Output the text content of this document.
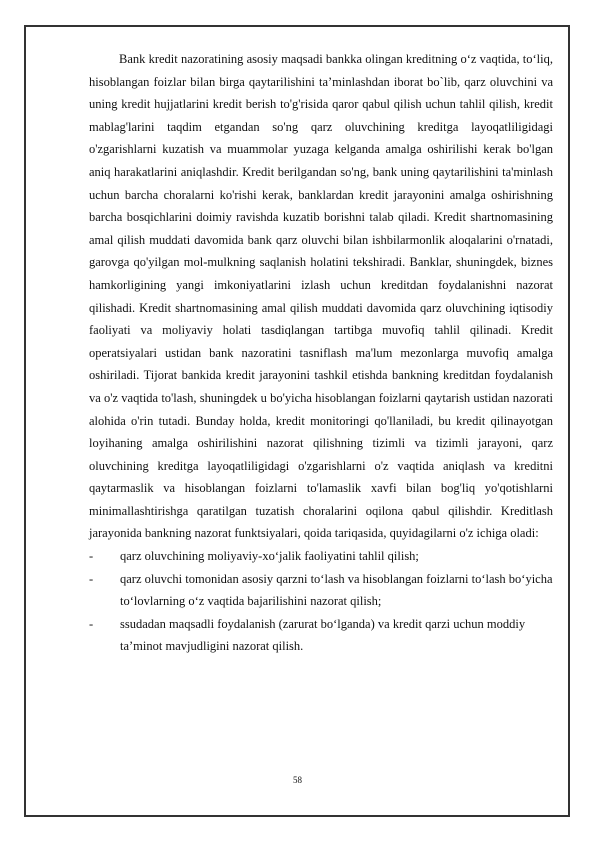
Bank kredit nazoratining asosiy maqsadi bankka olingan kreditning o‘z vaqtida, to‘liq, hisoblangan foizlar bilan birga qaytarilishini ta’minlashdan iborat bo`lib, qarz oluvchini va uning kredit hujjatlarini kredit berish to'g'risida qaror qabul qilish uchun tahlil qilish, kredit mablag'larini taqdim etgandan so'ng qarz oluvchining kreditga layoqatliligidagi o'zgarishlarni kuzatish va muammolar yuzaga kelganda amalga oshirilishi kerak bo'lgan aniq harakatlarini aniqlashdir. Kredit berilgandan so'ng, bank uning qaytarilishini ta'minlash uchun barcha choralarni ko'rishi kerak, banklardan kredit jarayonini amalga oshirishning barcha bosqichlarini doimiy ravishda kuzatib borishni talab qiladi. Kredit shartnomasining amal qilish muddati davomida bank qarz oluvchi bilan ishbilarmonlik aloqalarini o'rnatadi, garovga qo'yilgan mol-mulkning saqlanish holatini tekshiradi. Banklar, shuningdek, biznes hamkorligining yangi imkoniyatlarini izlash uchun kreditdan foydalanishni nazorat qilishadi. Kredit shartnomasining amal qilish muddati davomida qarz oluvchining iqtisodiy faoliyati va moliyaviy holati tasdiqlangan tartibga muvofiq tahlil qilinadi. Kredit operatsiyalari ustidan bank nazoratini tasniflash ma'lum mezonlarga muvofiq amalga oshiriladi. Tijorat bankida kredit jarayonini tashkil etishda bankning kreditdan foydalanish va o'z vaqtida to'lash, shuningdek u bo'yicha hisoblangan foizlarni qaytarish ustidan nazorati alohida o'rin tutadi. Bunday holda, kredit monitoringi qo'llaniladi, bu kredit qilinayotgan loyihaning amalga oshirilishini nazorat qilishning tizimli va tizimli jarayoni, qarz oluvchining kreditga layoqatliligidagi o'zgarishlarni o'z vaqtida aniqlash va kreditni qaytarmaslik va hisoblangan foizlarni to'lamaslik xavfi bilan bog'liq yo'qotishlarni minimallashtirishga qaratilgan tuzatish choralarini oqilona qabul qilishdir. Kreditlash jarayonida bankning nazorat funktsiyalari, qoida tariqasida, quyidagilarni o'z ichiga oladi:

- qarz oluvchining moliyaviy-xo‘jalik faoliyatini tahlil qilish;
- qarz oluvchi tomonidan asosiy qarzni to‘lash va hisoblangan foizlarni to‘lash bo‘yicha to‘lovlarning o‘z vaqtida bajarilishini nazorat qilish;
- ssudadan maqsadli foydalanish (zarurat bo‘lganda) va kredit qarzi uchun moddiy ta’minot mavjudligini nazorat qilish.
58
